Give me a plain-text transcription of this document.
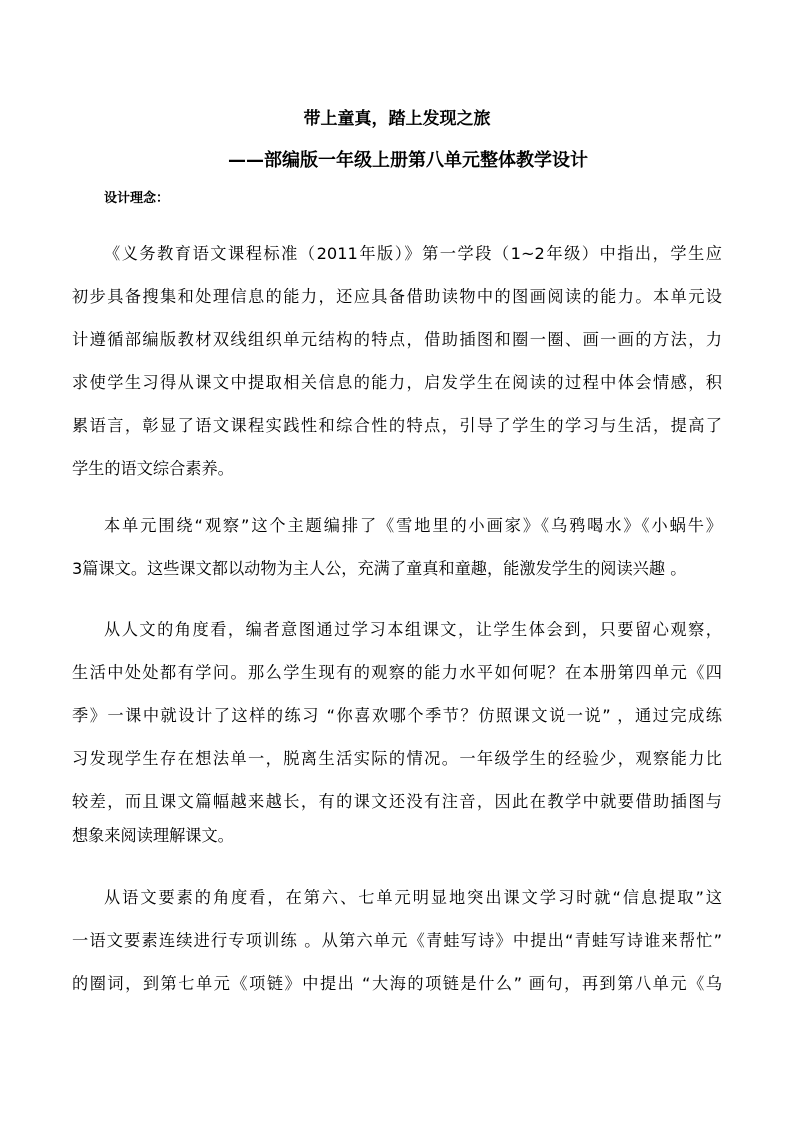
带上童真，踏上发现之旅
——部编版一年级上册第八单元整体教学设计
设计理念：
《义务教育语文课程标准（2011年版）》第一学段（1~2年级）中指出，学生应
初步具备搜集和处理信息的能力，还应具备借助读物中的图画阅读的能力。本单元设
计遵循部编版教材双线组织单元结构的特点，借助插图和圈一圈、画一画的方法，力
求使学生习得从课文中提取相关信息的能力，启发学生在阅读的过程中体会情感，积
累语言，彰显了语文课程实践性和综合性的特点，引导了学生的学习与生活，提高了
学生的语文综合素养。
本单元围绕“观察”这个主题编排了《雪地里的小画家》《乌鸦喝水》《小蜗牛》
3篇课文。这些课文都以动物为主人公，充满了童真和童趣，能激发学生的阅读兴趣 。
从人文的角度看，编者意图通过学习本组课文，让学生体会到，只要留心观察，
生活中处处都有学问。那么学生现有的观察的能力水平如何呢？在本册第四单元《四
季》一课中就设计了这样的练习 “你喜欢哪个季节？仿照课文说一说” ，通过完成练
习发现学生存在想法单一，脱离生活实际的情况。一年级学生的经验少，观察能力比
较差，而且课文篇幅越来越长，有的课文还没有注音，因此在教学中就要借助插图与
想象来阅读理解课文。
从语文要素的角度看，在第六、七单元明显地突出课文学习时就“信息提取”这
一语文要素连续进行专项训练 。从第六单元《青蛙写诗》中提出“青蛙写诗谁来帮忙”
的圈词，到第七单元《项链》中提出 “大海的项链是什么” 画句，再到第八单元《乌
